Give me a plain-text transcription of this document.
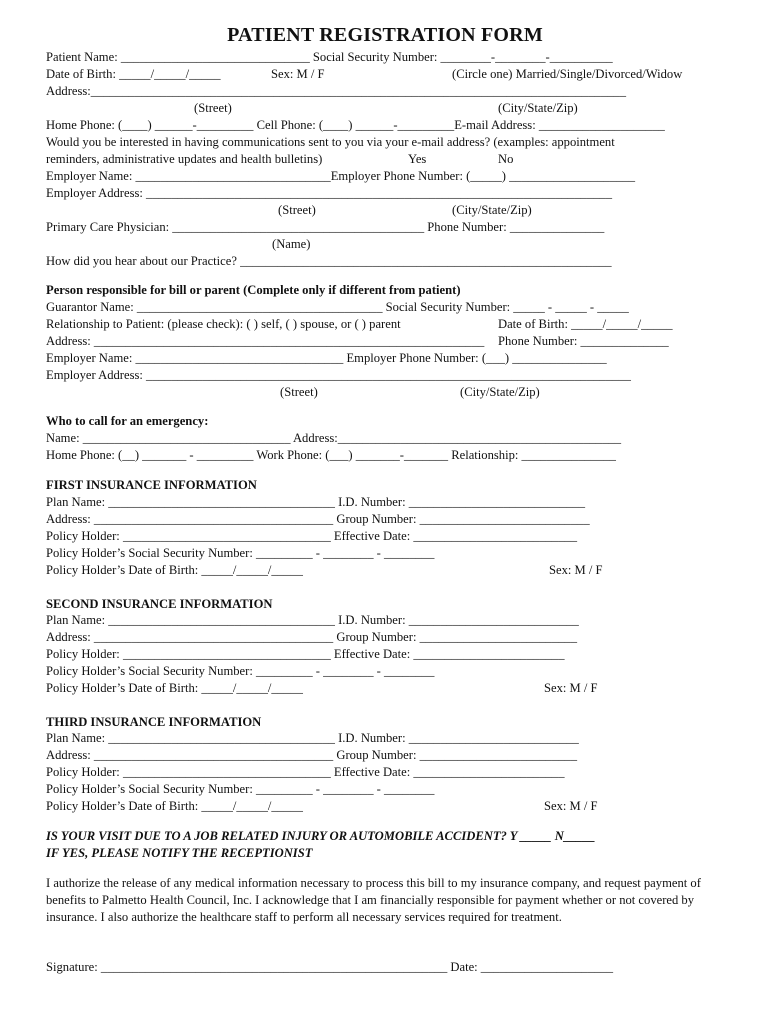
PATIENT REGISTRATION FORM
Patient Name: ______________________________ Social Security Number: ________-________-__________
Date of Birth: _____/_____/_____	Sex: M / F	(Circle one) Married/Single/Divorced/Widow
Address:_____________________________________________________________________________________
(Street)	(City/State/Zip)
Home Phone: (____) ______-_________ Cell Phone: (____) ______-_________E-mail Address: ____________________
Would you be interested in having communications sent to you via your e-mail address? (examples: appointment
reminders, administrative updates and health bulletins)	Yes	No
Employer Name: _______________________________Employer Phone Number: (_____) ____________________
Employer Address: __________________________________________________________________________
(Street)	(City/State/Zip)
Primary Care Physician: ________________________________________ Phone Number: _______________
(Name)
How did you hear about our Practice? ___________________________________________________________
Person responsible for bill or parent (Complete only if different from patient)
Guarantor Name: _______________________________________ Social Security Number: _____ - _____ - _____
Relationship to Patient: (please check): ( ) self, ( ) spouse, or ( ) parent	Date of Birth: _____/_____/_____
Address: ______________________________________________________________ Phone Number: ______________
Employer Name: _________________________________ Employer Phone Number: (___) _______________
Employer Address: _____________________________________________________________________________
(Street)	(City/State/Zip)
Who to call for an emergency:
Name: _________________________________ Address:_____________________________________________
Home Phone: (__) _______ - _________ Work Phone: (___) _______-_______ Relationship: _______________
FIRST INSURANCE INFORMATION
Plan Name: ____________________________________ I.D. Number: ____________________________
Address: ______________________________________ Group Number: ___________________________
Policy Holder: _________________________________ Effective Date: __________________________
Policy Holder’s Social Security Number: _________ - ________ - ________
Policy Holder’s Date of Birth: _____/_____/_____	Sex: M / F
SECOND INSURANCE INFORMATION
Plan Name: ____________________________________ I.D. Number: ___________________________
Address: ______________________________________ Group Number: _________________________
Policy Holder: _________________________________ Effective Date: ________________________
Policy Holder’s Social Security Number: _________ - ________ - ________
Policy Holder’s Date of Birth: _____/_____/_____	Sex: M / F
THIRD INSURANCE INFORMATION
Plan Name: ____________________________________ I.D. Number: ___________________________
Address: ______________________________________ Group Number: _________________________
Policy Holder: _________________________________ Effective Date: ________________________
Policy Holder’s Social Security Number: _________ - ________ - ________
Policy Holder’s Date of Birth: _____/_____/_____	Sex: M / F
IS YOUR VISIT DUE TO A JOB RELATED INJURY OR AUTOMOBILE ACCIDENT? Y _____ N_____
IF YES, PLEASE NOTIFY THE RECEPTIONIST
I authorize the release of any medical information necessary to process this bill to my insurance company, and request payment of benefits to Palmetto Health Council, Inc. I acknowledge that I am financially responsible for payment whether or not covered by insurance. I also authorize the healthcare staff to perform all necessary services required for treatment.
Signature: _______________________________________________________ Date: _____________________
